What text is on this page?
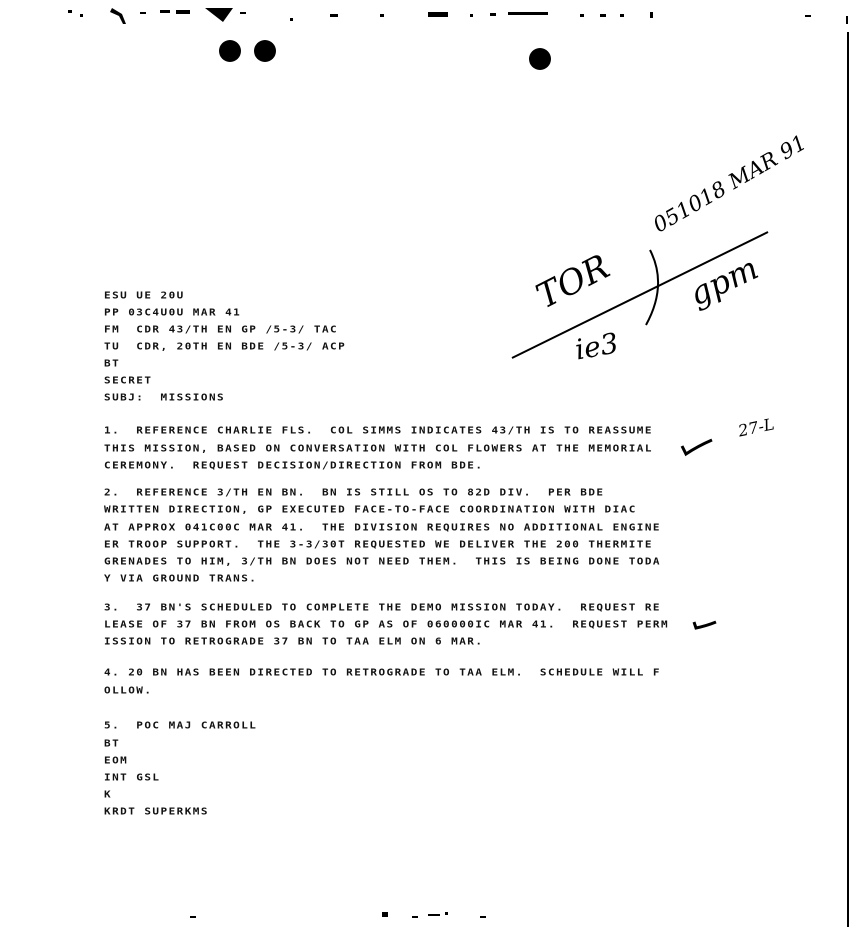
TOR
051018 MAR 91
gpm
ie3
27-L
ESU UE 20U
PP 03C4U0U MAR 41
FM  CDR 43/TH EN GP /5-3/ TAC
TU  CDR, 20TH EN BDE /5-3/ ACP
BT
SECRET
SUBJ:  MISSIONS
1.  REFERENCE CHARLIE FLS.  COL SIMMS INDICATES 43/TH IS TO REASSUME
THIS MISSION, BASED ON CONVERSATION WITH COL FLOWERS AT THE MEMORIAL
CEREMONY.  REQUEST DECISION/DIRECTION FROM BDE.
2.  REFERENCE 3/TH EN BN.  BN IS STILL OS TO 82D DIV.  PER BDE
WRITTEN DIRECTION, GP EXECUTED FACE-TO-FACE COORDINATION WITH DIAC
AT APPROX 041C00C MAR 41.  THE DIVISION REQUIRES NO ADDITIONAL ENGINE
ER TROOP SUPPORT.  THE 3-3/30T REQUESTED WE DELIVER THE 200 THERMITE
GRENADES TO HIM, 3/TH BN DOES NOT NEED THEM.  THIS IS BEING DONE TODA
Y VIA GROUND TRANS.
3.  37 BN'S SCHEDULED TO COMPLETE THE DEMO MISSION TODAY.  REQUEST RE
LEASE OF 37 BN FROM OS BACK TO GP AS OF 060000IC MAR 41.  REQUEST PERM
ISSION TO RETROGRADE 37 BN TO TAA ELM ON 6 MAR.
4. 20 BN HAS BEEN DIRECTED TO RETROGRADE TO TAA ELM.  SCHEDULE WILL F
OLLOW.
5.  POC MAJ CARROLL
BT
EOM
INT GSL
K
KRDT SUPERKMS
